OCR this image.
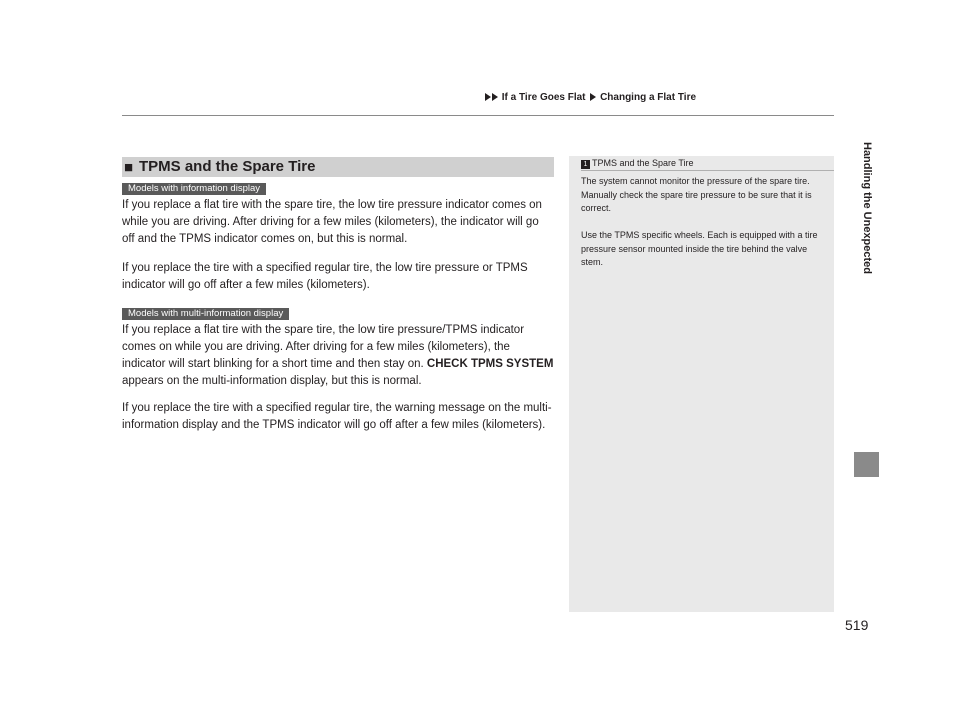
If a Tire Goes Flat Changing a Flat Tire
Handling the Unexpected
■ TPMS and the Spare Tire
Models with information display
If you replace a flat tire with the spare tire, the low tire pressure indicator comes on while you are driving. After driving for a few miles (kilometers), the indicator will go off and the TPMS indicator comes on, but this is normal.
If you replace the tire with a specified regular tire, the low tire pressure or TPMS indicator will go off after a few miles (kilometers).
Models with multi-information display
If you replace a flat tire with the spare tire, the low tire pressure/TPMS indicator comes on while you are driving. After driving for a few miles (kilometers), the indicator will start blinking for a short time and then stay on. CHECK TPMS SYSTEM appears on the multi-information display, but this is normal.
If you replace the tire with a specified regular tire, the warning message on the multi-information display and the TPMS indicator will go off after a few miles (kilometers).
1 TPMS and the Spare Tire
The system cannot monitor the pressure of the spare tire. Manually check the spare tire pressure to be sure that it is correct.
Use the TPMS specific wheels. Each is equipped with a tire pressure sensor mounted inside the tire behind the valve stem.
519
